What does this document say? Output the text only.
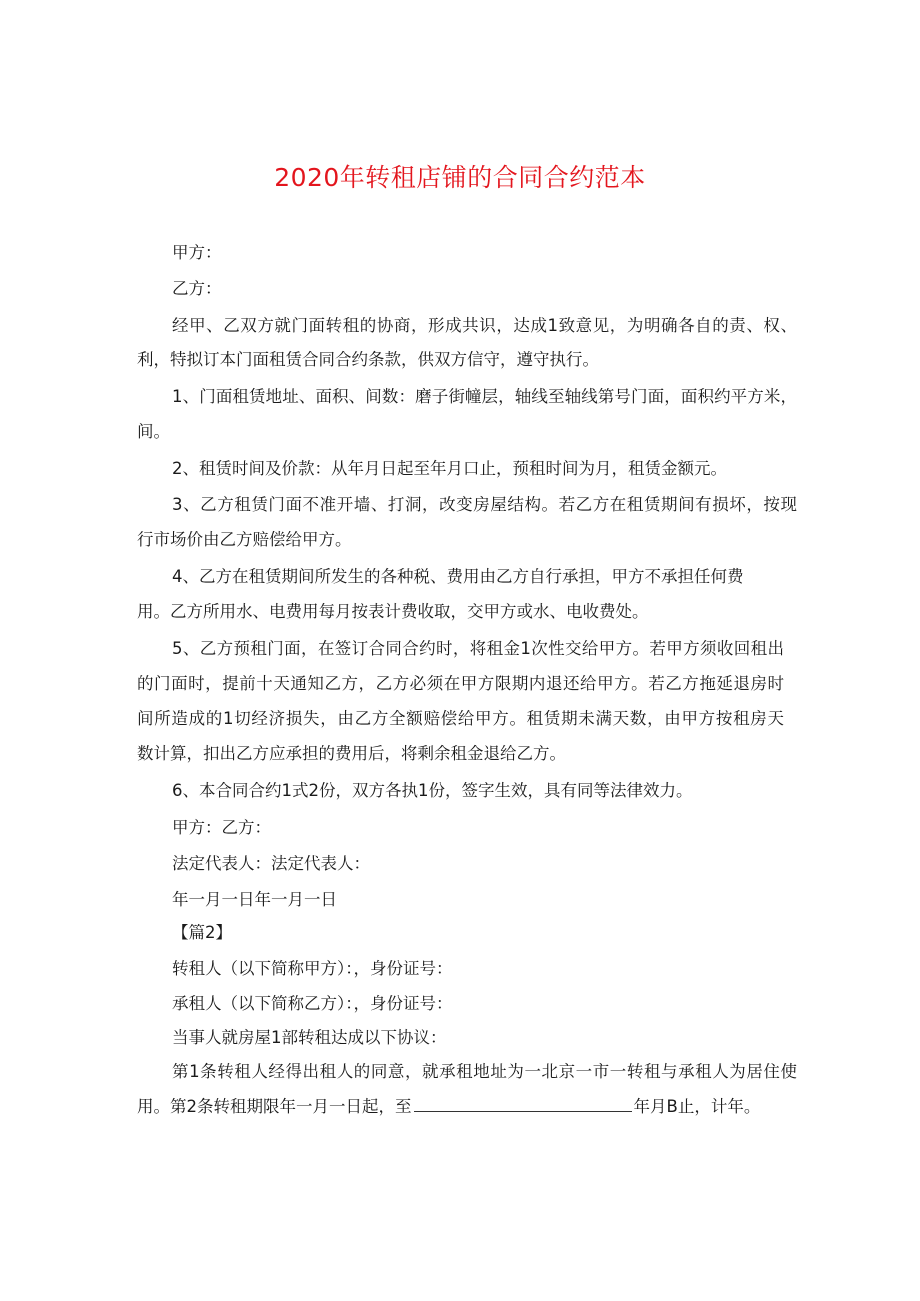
2020年转租店铺的合同合约范本
甲方：
乙方：
经甲、乙双方就门面转租的协商，形成共识，达成1致意见，为明确各自的责、权、
利，特拟订本门面租赁合同合约条款，供双方信守，遵守执行。
1、门面租赁地址、面积、间数：磨子街幢层，轴线至轴线第号门面，面积约平方米，
间。
2、租赁时间及价款：从年月日起至年月口止，预租时间为月，租赁金额元。
3、乙方租赁门面不准开墙、打洞，改变房屋结构。若乙方在租赁期间有损坏，按现
行市场价由乙方赔偿给甲方。
4、乙方在租赁期间所发生的各种税、费用由乙方自行承担，甲方不承担任何费
用。乙方所用水、电费用每月按表计费收取，交甲方或水、电收费处。
5、乙方预租门面，在签订合同合约时，将租金1次性交给甲方。若甲方须收回租出
的门面时，提前十天通知乙方，乙方必须在甲方限期内退还给甲方。若乙方拖延退房时
间所造成的1切经济损失，由乙方全额赔偿给甲方。租赁期未满天数，由甲方按租房天
数计算，扣出乙方应承担的费用后，将剩余租金退给乙方。
6、本合同合约1式2份，双方各执1份，签字生效，具有同等法律效力。
甲方：乙方：
法定代表人：法定代表人：
年一月一日年一月一日
【篇2】
转租人（以下简称甲方）：，身份证号：
承租人（以下简称乙方）：，身份证号：
当事人就房屋1部转租达成以下协议：
第1条转租人经得出租人的同意，就承租地址为一北京一市一转租与承租人为居住使
用。第2条转租期限年一月一日起，至	年月B止，计年。
